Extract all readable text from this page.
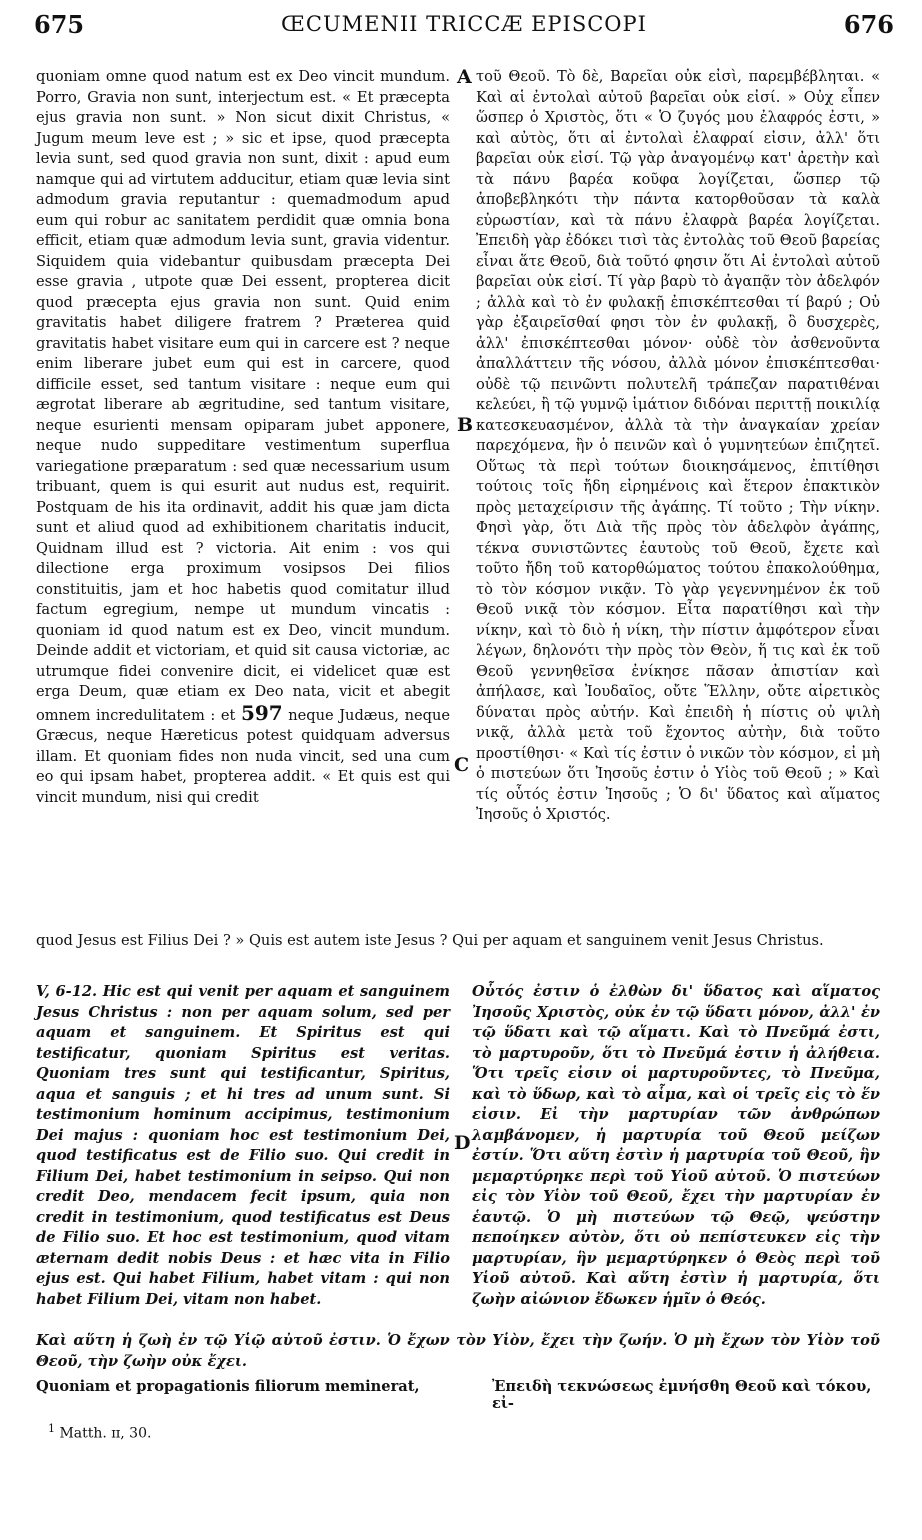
675	ŒCUMENII TRICCÆ EPISCOPI	676
A
B
C
D
quoniam omne quod natum est ex Deo vincit mundum. Porro, Gravia non sunt, interjectum est. « Et præcepta ejus gravia non sunt. » Non sicut dixit Christus, « Jugum meum leve est ; » sic et ipse, quod præcepta levia sunt, sed quod gravia non sunt, dixit : apud eum namque qui ad virtutem adducitur, etiam quæ levia sint admodum gravia reputantur : quemadmodum apud eum qui robur ac sanitatem perdidit quæ omnia bona efficit, etiam quæ admodum levia sunt, gravia videntur. Siquidem quia videbantur quibusdam præcepta Dei esse gravia , utpote quæ Dei essent, propterea dicit quod præcepta ejus gravia non sunt. Quid enim gravitatis habet diligere fratrem ? Præterea quid gravitatis habet visitare eum qui in carcere est ? neque enim liberare jubet eum qui est in carcere, quod difficile esset, sed tantum visitare : neque eum qui ægrotat liberare ab ægritudine, sed tantum visitare, neque esurienti mensam opiparam jubet apponere, neque nudo suppeditare vestimentum superflua variegatione præparatum : sed quæ necessarium usum tribuant, quem is qui esurit aut nudus est, requirit. Postquam de his ita ordinavit, addit his quæ jam dicta sunt et aliud quod ad exhibitionem charitatis inducit, Quidnam illud est ? victoria. Ait enim : vos qui dilectione erga proximum vosipsos Dei filios constituitis, jam et hoc habetis quod comitatur illud factum egregium, nempe ut mundum vincatis : quoniam id quod natum est ex Deo, vincit mundum. Deinde addit et victoriam, et quid sit causa victoriæ, ac utrumque fidei convenire dicit, ei videlicet quæ est erga Deum, quæ etiam ex Deo nata, vicit et abegit omnem incredulitatem : et 597 neque Judæus, neque Græcus, neque Hæreticus potest quidquam adversus illam. Et quoniam fides non nuda vincit, sed una cum eo qui ipsam habet, propterea addit. « Et quis est qui vincit mundum, nisi qui credit
τοῦ Θεοῦ. Τὸ δὲ, Βαρεῖαι οὐκ εἰσὶ, παρεμβέβληται. « Καὶ αἱ ἐντολαὶ αὐτοῦ βαρεῖαι οὐκ εἰσί. » Οὐχ εἶπεν ὥσπερ ὁ Χριστὸς, ὅτι « Ὁ ζυγός μου ἐλαφρός ἐστι, » καὶ αὐτὸς, ὅτι αἱ ἐντολαὶ ἐλαφραί εἰσιν, ἀλλ' ὅτι βαρεῖαι οὐκ εἰσί. Τῷ γὰρ ἀναγομένῳ κατ' ἀρετὴν καὶ τὰ πάνυ βαρέα κοῦφα λογίζεται, ὥσπερ τῷ ἀποβεβληκότι τὴν πάντα κατορθοῦσαν τὰ καλὰ εὐρωστίαν, καὶ τὰ πάνυ ἐλαφρὰ βαρέα λογίζεται. Ἐπειδὴ γὰρ ἐδόκει τισὶ τὰς ἐντολὰς τοῦ Θεοῦ βαρείας εἶναι ἅτε Θεοῦ, διὰ τοῦτό φησιν ὅτι Αἱ ἐντολαὶ αὐτοῦ βαρεῖαι οὐκ εἰσί. Τί γὰρ βαρὺ τὸ ἀγαπᾷν τὸν ἀδελφόν ; ἀλλὰ καὶ τὸ ἐν φυλακῇ ἐπισκέπτεσθαι τί βαρύ ; Οὐ γὰρ ἐξαιρεῖσθαί φησι τὸν ἐν φυλακῇ, ὃ δυσχερὲς, ἀλλ' ἐπισκέπτεσθαι μόνον· οὐδὲ τὸν ἀσθενοῦντα ἀπαλλάττειν τῆς νόσου, ἀλλὰ μόνον ἐπισκέπτεσθαι· οὐδὲ τῷ πεινῶντι πολυτελῆ τράπεζαν παρατιθέναι κελεύει, ἢ τῷ γυμνῷ ἱμάτιον διδόναι περιττῇ ποικιλίᾳ κατεσκευασμένον, ἀλλὰ τὰ τὴν ἀναγκαίαν χρείαν παρεχόμενα, ἣν ὁ πεινῶν καὶ ὁ γυμνητεύων ἐπιζητεῖ. Οὕτως τὰ περὶ τούτων διοικησάμενος, ἐπιτίθησι τούτοις τοῖς ἤδη εἰρημένοις καὶ ἕτερον ἐπακτικὸν πρὸς μεταχείρισιν τῆς ἀγάπης. Τί τοῦτο ; Τὴν νίκην. Φησὶ γὰρ, ὅτι Διὰ τῆς πρὸς τὸν ἀδελφὸν ἀγάπης, τέκνα συνιστῶντες ἑαυτοὺς τοῦ Θεοῦ, ἔχετε καὶ τοῦτο ἤδη τοῦ κατορθώματος τούτου ἐπακολούθημα, τὸ τὸν κόσμον νικᾷν. Τὸ γὰρ γεγεννημένον ἐκ τοῦ Θεοῦ νικᾷ τὸν κόσμον. Εἶτα παρατίθησι καὶ τὴν νίκην, καὶ τὸ διὸ ἡ νίκη, τὴν πίστιν ἀμφότερον εἶναι λέγων, δηλονότι τὴν πρὸς τὸν Θεὸν, ἥ τις καὶ ἐκ τοῦ Θεοῦ γεννηθεῖσα ἐνίκησε πᾶσαν ἀπιστίαν καὶ ἀπήλασε, καὶ Ἰουδαῖος, οὔτε Ἕλλην, οὔτε αἱρετικὸς δύναται πρὸς αὐτήν. Καὶ ἐπειδὴ ἡ πίστις οὐ ψιλὴ νικᾷ, ἀλλὰ μετὰ τοῦ ἔχοντος αὐτὴν, διὰ τοῦτο προστίθησι· « Καὶ τίς ἐστιν ὁ νικῶν τὸν κόσμον, εἰ μὴ ὁ πιστεύων ὅτι Ἰησοῦς ἐστιν ὁ Υἱὸς τοῦ Θεοῦ ; » Καὶ τίς οὗτός ἐστιν Ἰησοῦς ; Ὁ δι' ὕδατος καὶ αἵματος Ἰησοῦς ὁ Χριστός.
quod Jesus est Filius Dei ? » Quis est autem iste Jesus ? Qui per aquam et sanguinem venit Jesus Christus.
V, 6-12. Hic est qui venit per aquam et sanguinem Jesus Christus : non per aquam solum, sed per aquam et sanguinem. Et Spiritus est qui testificatur, quoniam Spiritus est veritas. Quoniam tres sunt qui testificantur, Spiritus, aqua et sanguis ; et hi tres ad unum sunt. Si testimonium hominum accipimus, testimonium Dei majus : quoniam hoc est testimonium Dei, quod testificatus est de Filio suo. Qui credit in Filium Dei, habet testimonium in seipso. Qui non credit Deo, mendacem fecit ipsum, quia non credit in testimonium, quod testificatus est Deus de Filio suo. Et hoc est testimonium, quod vitam æternam dedit nobis Deus : et hæc vita in Filio ejus est. Qui habet Filium, habet vitam : qui non habet Filium Dei, vitam non habet.
Οὗτός ἐστιν ὁ ἐλθὼν δι' ὕδατος καὶ αἵματος Ἰησοῦς Χριστὸς, οὐκ ἐν τῷ ὕδατι μόνον, ἀλλ' ἐν τῷ ὕδατι καὶ τῷ αἵματι. Καὶ τὸ Πνεῦμά ἐστι, τὸ μαρτυροῦν, ὅτι τὸ Πνεῦμά ἐστιν ἡ ἀλήθεια. Ὅτι τρεῖς εἰσιν οἱ μαρτυροῦντες, τὸ Πνεῦμα, καὶ τὸ ὕδωρ, καὶ τὸ αἷμα, καὶ οἱ τρεῖς εἰς τὸ ἕν εἰσιν. Εἰ τὴν μαρτυρίαν τῶν ἀνθρώπων λαμβάνομεν, ἡ μαρτυρία τοῦ Θεοῦ μείζων ἐστίν. Ὅτι αὕτη ἐστὶν ἡ μαρτυρία τοῦ Θεοῦ, ἣν μεμαρτύρηκε περὶ τοῦ Υἱοῦ αὐτοῦ. Ὁ πιστεύων εἰς τὸν Υἱὸν τοῦ Θεοῦ, ἔχει τὴν μαρτυρίαν ἐν ἑαυτῷ. Ὁ μὴ πιστεύων τῷ Θεῷ, ψεύστην πεποίηκεν αὐτὸν, ὅτι οὐ πεπίστευκεν εἰς τὴν μαρτυρίαν, ἣν μεμαρτύρηκεν ὁ Θεὸς περὶ τοῦ Υἱοῦ αὐτοῦ. Καὶ αὕτη ἐστὶν ἡ μαρτυρία, ὅτι ζωὴν αἰώνιον ἔδωκεν ἡμῖν ὁ Θεός.
Καὶ αὕτη ἡ ζωὴ ἐν τῷ Υἱῷ αὐτοῦ ἐστιν. Ὁ ἔχων τὸν Υἱὸν, ἔχει τὴν ζωήν. Ὁ μὴ ἔχων τὸν Υἱὸν τοῦ Θεοῦ, τὴν ζωὴν οὐκ ἔχει.
Quoniam et propagationis filiorum meminerat,	Ἐπειδὴ τεκνώσεως ἐμνήσθη Θεοῦ καὶ τόκου, εἰ-
$^1$ Matth. ɪɪ, 30.
